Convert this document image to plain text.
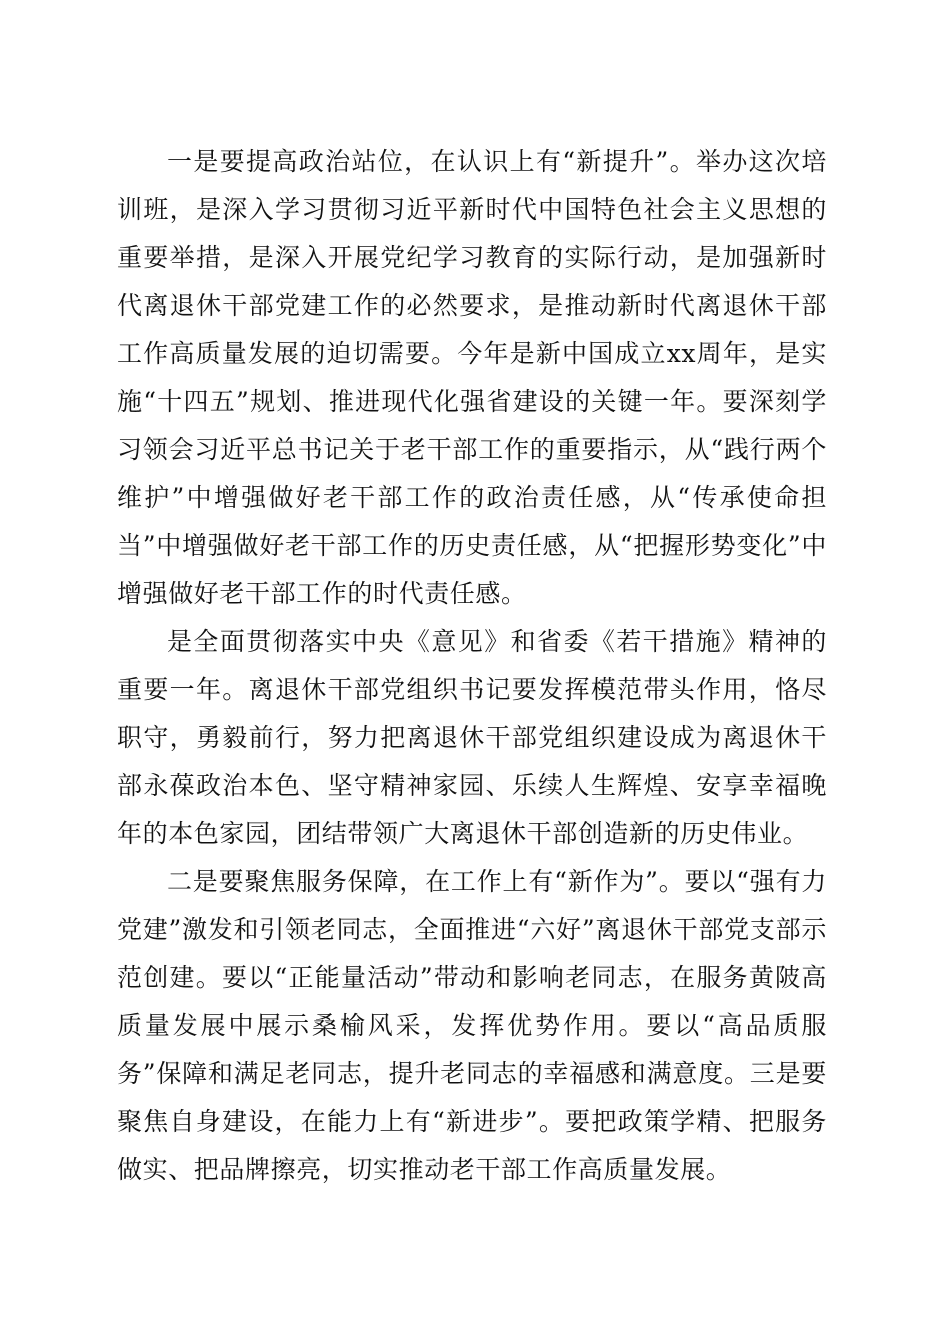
一是要提高政治站位，在认识上有“新提升”。举办这次培训班，是深入学习贯彻习近平新时代中国特色社会主义思想的重要举措，是深入开展党纪学习教育的实际行动，是加强新时代离退休干部党建工作的必然要求，是推动新时代离退休干部工作高质量发展的迫切需要。今年是新中国成立xx周年，是实施“十四五”规划、推进现代化强省建设的关键一年。要深刻学习领会习近平总书记关于老干部工作的重要指示，从“践行两个维护”中增强做好老干部工作的政治责任感，从“传承使命担当”中增强做好老干部工作的历史责任感，从“把握形势变化”中增强做好老干部工作的时代责任感。

是全面贯彻落实中央《意见》和省委《若干措施》精神的重要一年。离退休干部党组织书记要发挥模范带头作用，恪尽职守，勇毅前行，努力把离退休干部党组织建设成为离退休干部永葆政治本色、坚守精神家园、乐续人生辉煌、安享幸福晚年的本色家园，团结带领广大离退休干部创造新的历史伟业。

二是要聚焦服务保障，在工作上有“新作为”。要以“强有力党建”激发和引领老同志，全面推进“六好”离退休干部党支部示范创建。要以“正能量活动”带动和影响老同志，在服务黄陂高质量发展中展示桑榆风采，发挥优势作用。要以“高品质服务”保障和满足老同志，提升老同志的幸福感和满意度。三是要聚焦自身建设，在能力上有“新进步”。要把政策学精、把服务做实、把品牌擦亮，切实推动老干部工作高质量发展。
